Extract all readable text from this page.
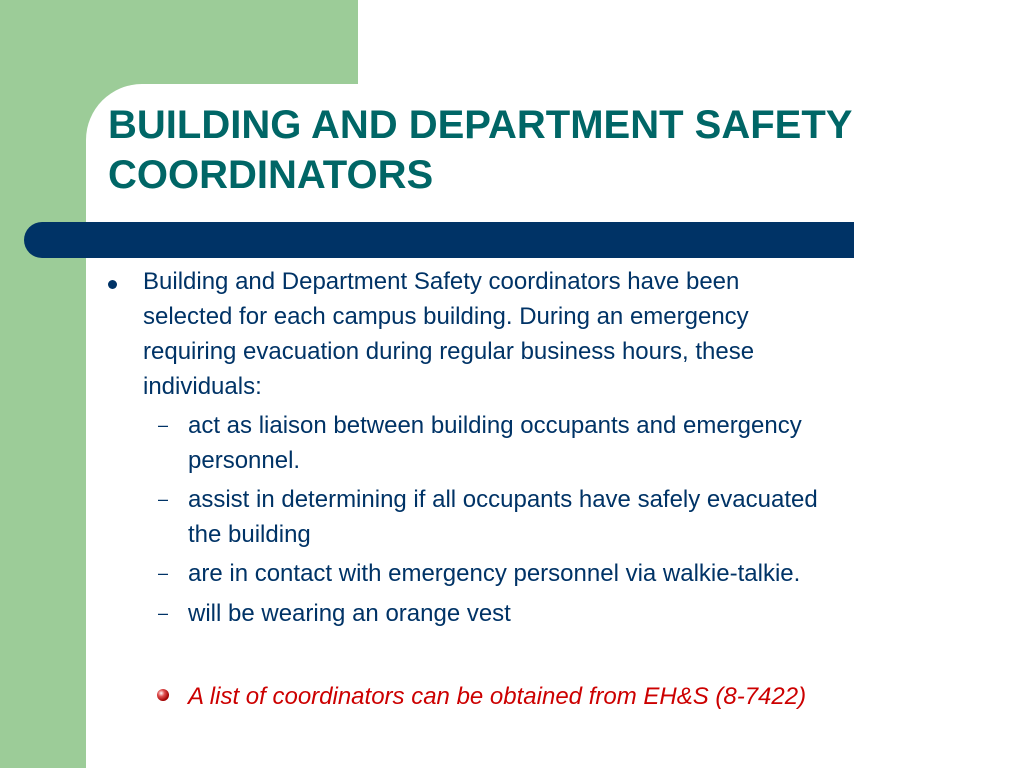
BUILDING AND DEPARTMENT SAFETY
COORDINATORS

Building and Department Safety coordinators have been
selected for each campus building. During an emergency
requiring evacuation during regular business hours, these
individuals:

– act as liaison between building occupants and emergency
personnel.

– assist in determining if all occupants have safely evacuated
the building

– are in contact with emergency personnel via walkie-talkie.

– will be wearing an orange vest

A list of coordinators can be obtained from EH&S (8-7422)
